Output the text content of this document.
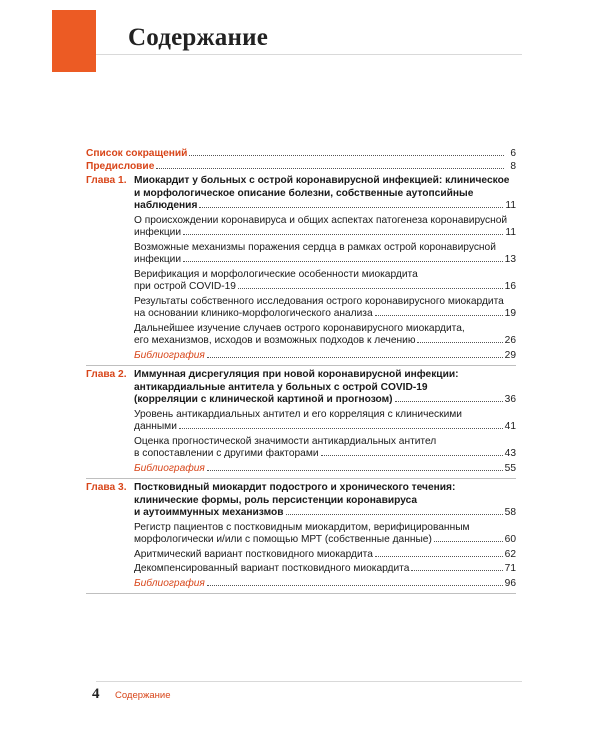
Содержание
Список сокращений	6
Предисловие	8
Глава 1. Миокардит у больных с острой коронавирусной инфекцией: клиническое
и морфологическое описание болезни, собственные аутопсийные
наблюдения	11
О происхождении коронавируса и общих аспектах патогенеза коронавирусной
инфекции	11
Возможные механизмы поражения сердца в рамках острой коронавирусной
инфекции	13
Верификация и морфологические особенности миокардита
при острой COVID-19	16
Результаты собственного исследования острого коронавирусного миокардита
на основании клинико-морфологического анализа	19
Дальнейшее изучение случаев острого коронавирусного миокардита,
его механизмов, исходов и возможных подходов к лечению	26
Библиография	29
Глава 2. Иммунная дисрегуляция при новой коронавирусной инфекции:
антикардиальные антитела у больных с острой COVID-19
(корреляции с клинической картиной и прогнозом)	36
Уровень антикардиальных антител и его корреляция с клиническими
данными	41
Оценка прогностической значимости антикардиальных антител
в сопоставлении с другими факторами	43
Библиография	55
Глава 3. Постковидный миокардит подострого и хронического течения:
клинические формы, роль персистенции коронавируса
и аутоиммунных механизмов	58
Регистр пациентов с постковидным миокардитом, верифицированным
морфологически и/или с помощью МРТ (собственные данные)	60
Аритмический вариант постковидного миокардита	62
Декомпенсированный вариант постковидного миокардита	71
Библиография	96
4 Содержание
